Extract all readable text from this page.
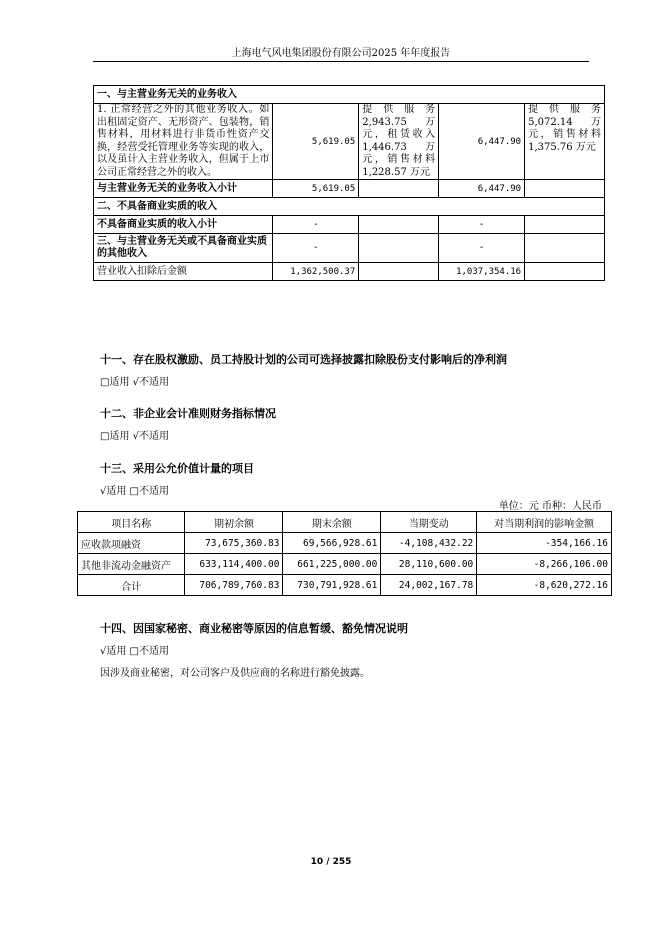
上海电气风电集团股份有限公司2025 年年度报告
一、与主营业务无关的业务收入				
1. 正常经营之外的其他业务收入。如出租固定资产、无形资产、包装物，销售材料，用材料进行非货币性资产交换，经营受托管理业务等实现的收入，以及虽计入主营业务收入，但属于上市公司正常经营之外的收入。	5,619.05	提供服务2,943.75 万元，租赁收入1,446.73 万元，销售材料1,228.57 万元	6,447.90	提供服务5,072.14 万元，销售材料1,375.76 万元
与主营业务无关的业务收入小计	5,619.05		6,447.90	
二、不具备商业实质的收入				
不具备商业实质的收入小计	-		-	
三、与主营业务无关或不具备商业实质的其他收入	-		-	
营业收入扣除后金额	1,362,500.37		1,037,354.16	
十一、存在股权激励、员工持股计划的公司可选择披露扣除股份支付影响后的净利润
□适用 √不适用
十二、非企业会计准则财务指标情况
□适用 √不适用
十三、采用公允价值计量的项目
√适用 □不适用
单位：元 币种：人民币
项目名称	期初余额	期末余额	当期变动	对当期利润的影响金额
应收款项融资	73,675,360.83	69,566,928.61	-4,108,432.22	-354,166.16
其他非流动金融资产	633,114,400.00	661,225,000.00	28,110,600.00	-8,266,106.00
合计	706,789,760.83	730,791,928.61	24,002,167.78	-8,620,272.16
十四、因国家秘密、商业秘密等原因的信息暂缓、豁免情况说明
√适用 □不适用
因涉及商业秘密，对公司客户及供应商的名称进行豁免披露。
10 / 255
